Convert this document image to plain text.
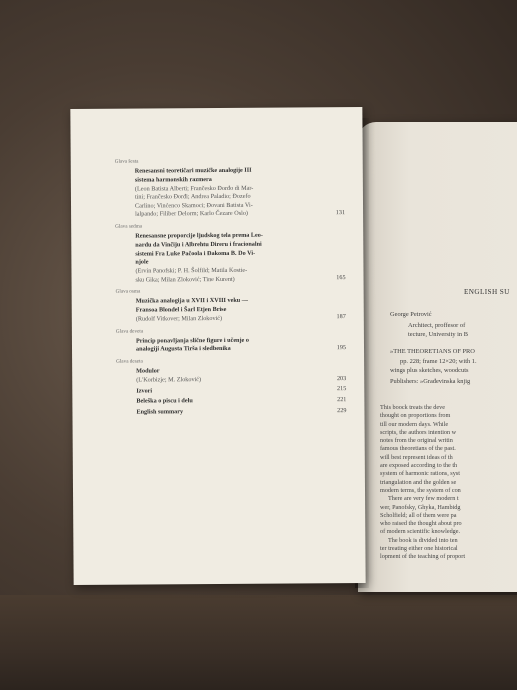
ENGLISH SU
George Petrović
Architect, proffesor of
tecture, University in B
»THE THEORETIANS OF PRO
pp. 228; frame 12×20; with 1.
wings plus sketches, woodcuts
Publishers: »Građevinska knjig

This boock treats the deve

thought on proportions from

till our modern days. While

scripts, the authors intention w

notes from the original writin

famous theoretians of the past.

will best represent ideas of th

are exposed according to the th

system of harmonic rations, syst

triangulation and the golden se

modern terms, the system of con

There are very few modern t

wer, Panofsky, Ghyka, Hambidg

Scholfield; all of them were pa

who raised the thought about pro

of modern scientific knowledge.

The book is divided into ten

ter treating either one historical

lopment of the teaching of proport

Glava šesta
Renesansni teoretičari muzičke analogije III
sistema harmonskih razmera
(Leon Batista Alberti; Frančesko Đorđo di Mar-
tini; Frančesko Đorđi; Andrea Paladio; Đozefo
Carlino; Vinćenco Skamoci; Đovani Batista Vi-
lalpando; Filiber Delorm; Karlo Čezare Oslo)	131
Glava sedma
Renesansne proporcije ljudskog tela prema Leo-
nardu da Vinčiju i Albrehtu Direru i fracionalni
sistemi Fra Luke Pačoola i Đakoma B. Do Vi-
njole
(Ervin Panofski; P. H. Šolfild; Matila Kostie-
sku Gika; Milan Zloković; Tine Kurent)	165
Glava osma
Muzička analogija u XVII i XVIII veku —
Fransoa Blondel i Šarl Etjen Brise
(Rudolf Vitkover; Milan Zloković)	187
Glava deveta
Princip ponavljanja slične figure i učenje o
analogiji Augusta Tirša i sledbenika	195
Glava deseta
Modulor
(L'Korbizje; M. Zloković)	203
Izvori	215
Beleška o piscu i delu	221
English summary	229
